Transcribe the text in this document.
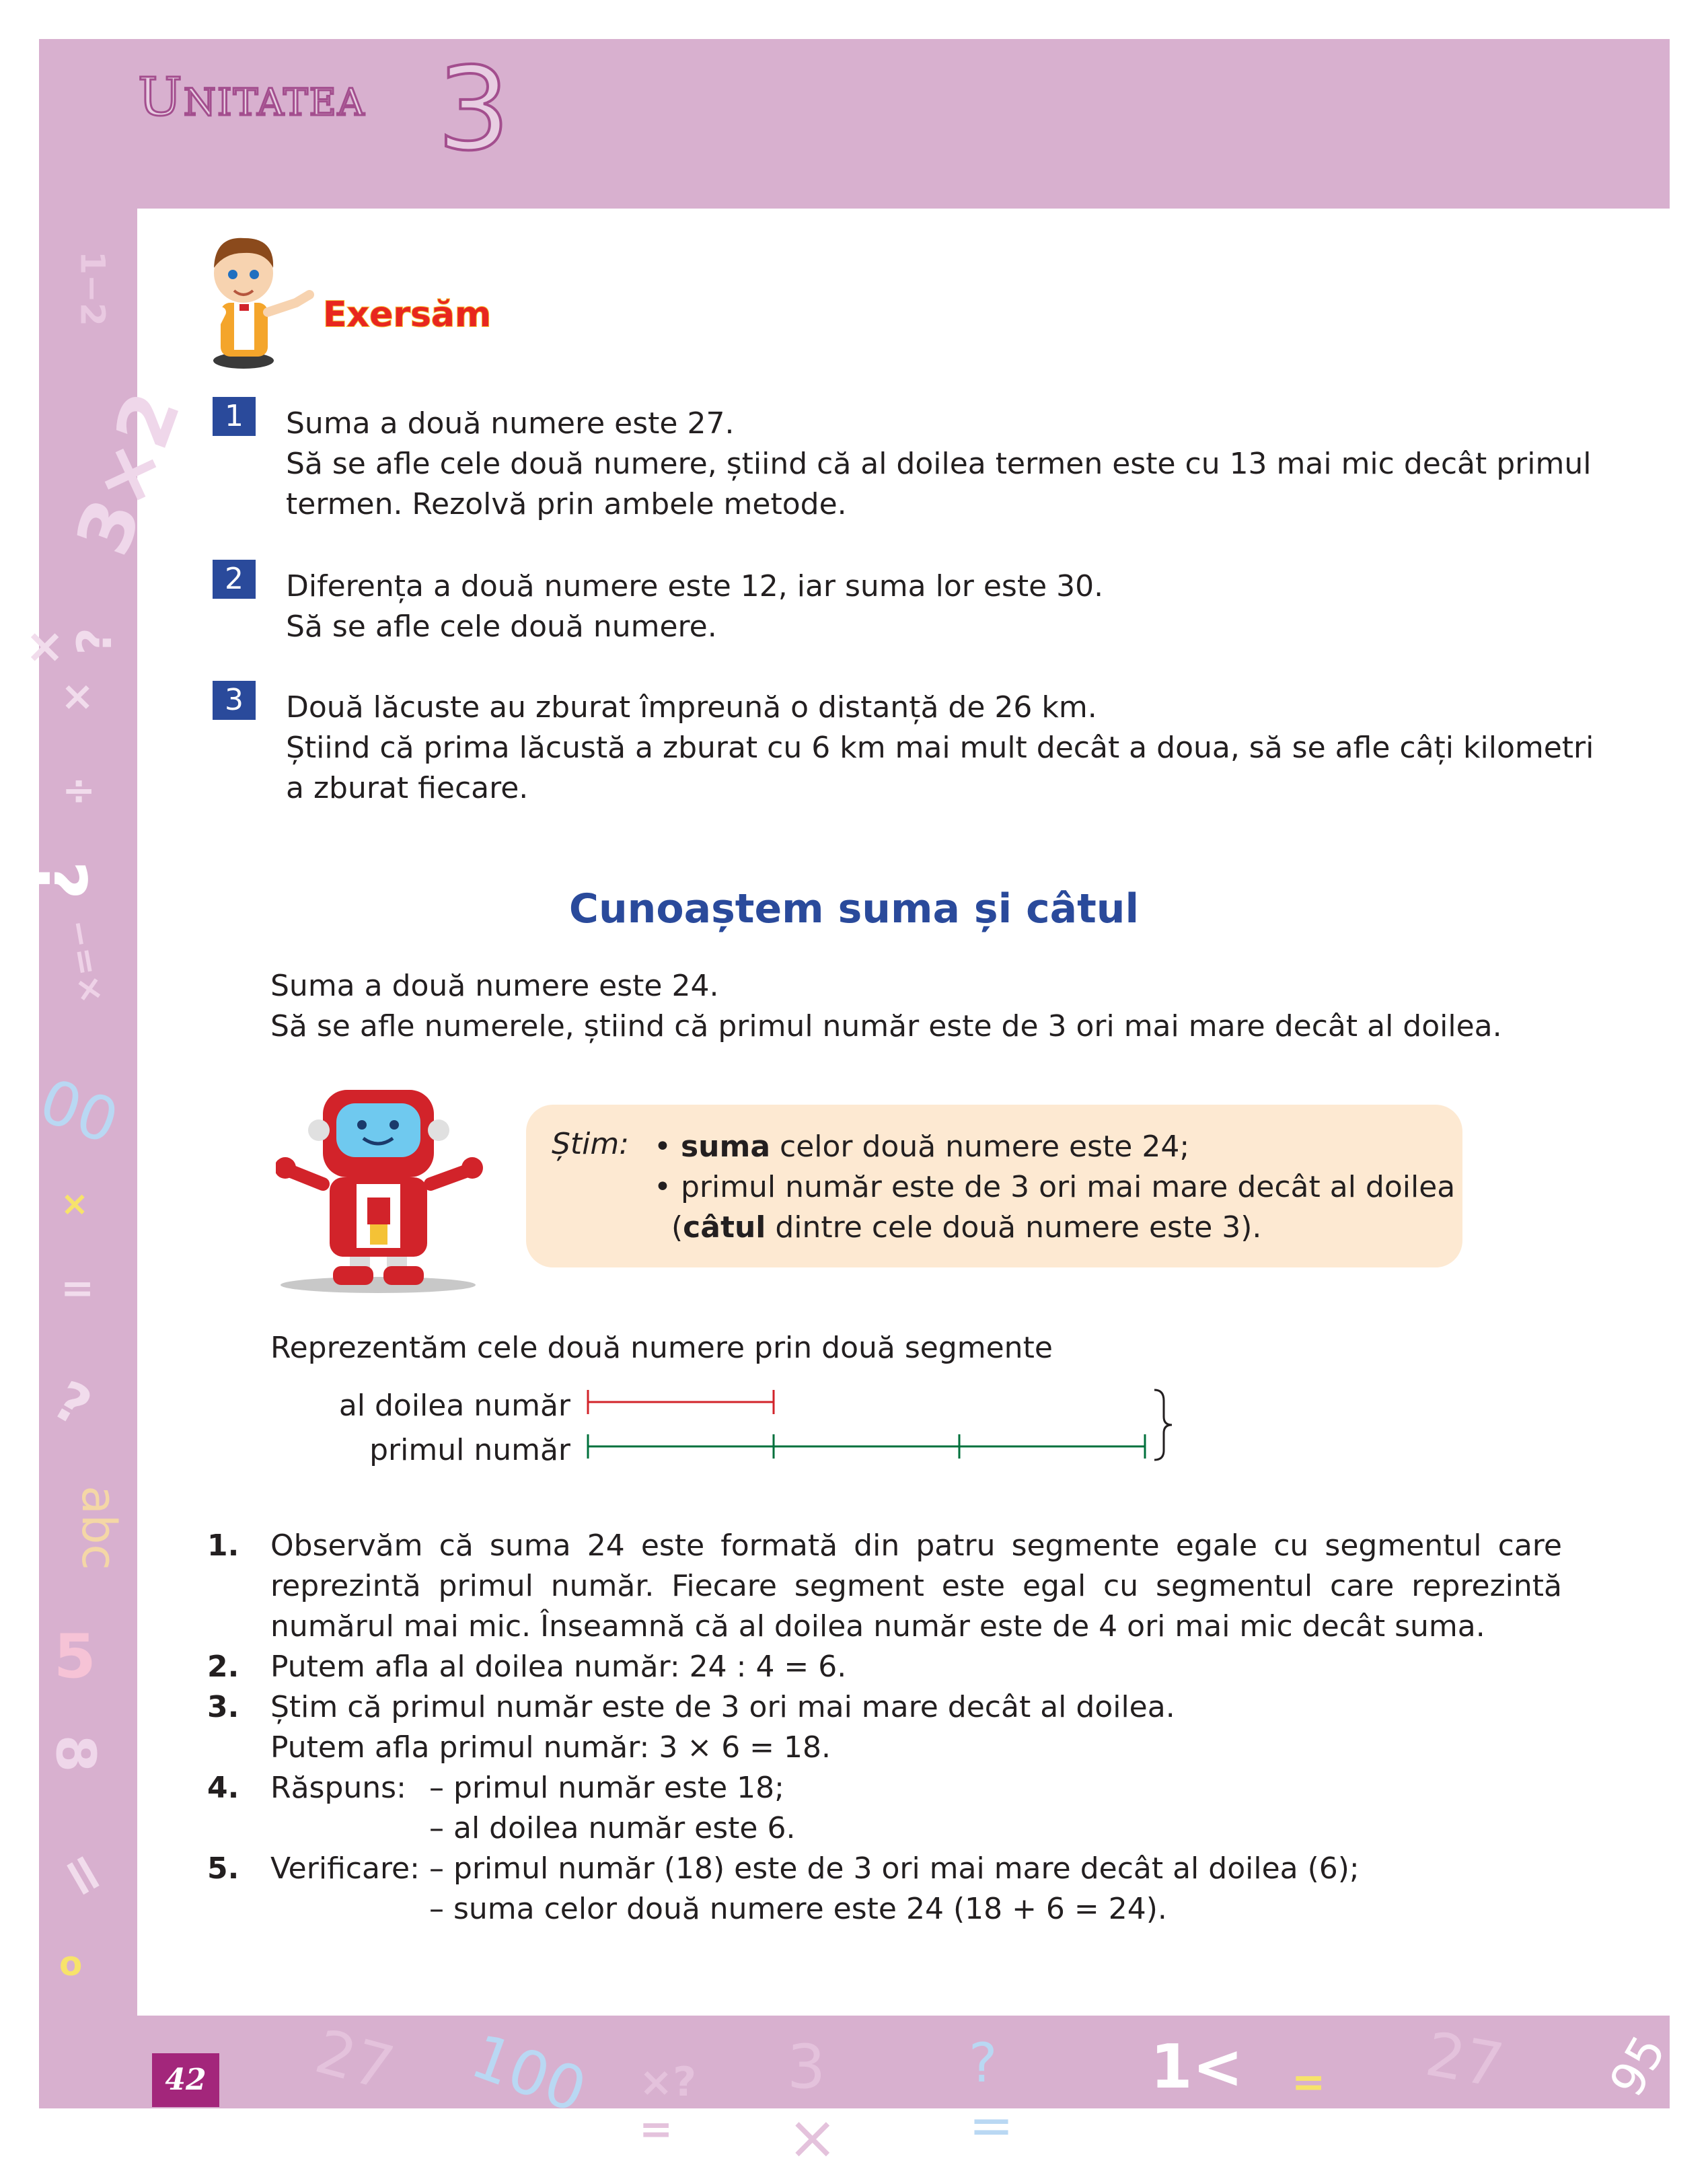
1−2
3×2
¿ ×
×
÷
?
−=×
00
×
=
?
abc
5
8
=
o
27 100 ×?=
3 ×
?=
1< = 27 95
Unitatea 3
Exersăm
1	Suma a două numere este 27.
Să se afle cele două numere, știind că al doilea termen este cu 13 mai mic decât primul
termen. Rezolvă prin ambele metode.
2	Diferența a două numere este 12, iar suma lor este 30.
Să se afle cele două numere.
3	Două lăcuste au zburat împreună o distanță de 26 km.
Știind că prima lăcustă a zburat cu 6 km mai mult decât a doua, să se afle câți kilometri
a zburat fiecare.
Cunoaștem suma și câtul
Suma a două numere este 24.
Să se afle numerele, știind că primul număr este de 3 ori mai mare decât al doilea.
Știm: • suma celor două numere este 24;
• primul număr este de 3 ori mai mare decât al doilea
(câtul dintre cele două numere este 3).
Reprezentăm cele două numere prin două segmente
al doilea număr
primul număr
1. Observăm că suma 24 este formată din patru segmente egale cu segmentul care reprezintă primul număr. Fiecare segment este egal cu segmentul care reprezintă numărul mai mic. Înseamnă că al doilea număr este de 4 ori mai mic decât suma.
2. Putem afla al doilea număr: 24 : 4 = 6.
3. Știm că primul număr este de 3 ori mai mare decât al doilea.
Putem afla primul număr: 3 × 6 = 18.
4. Răspuns: – primul număr este 18;
– al doilea număr este 6.
5. Verificare: – primul număr (18) este de 3 ori mai mare decât al doilea (6);
– suma celor două numere este 24 (18 + 6 = 24).
42
